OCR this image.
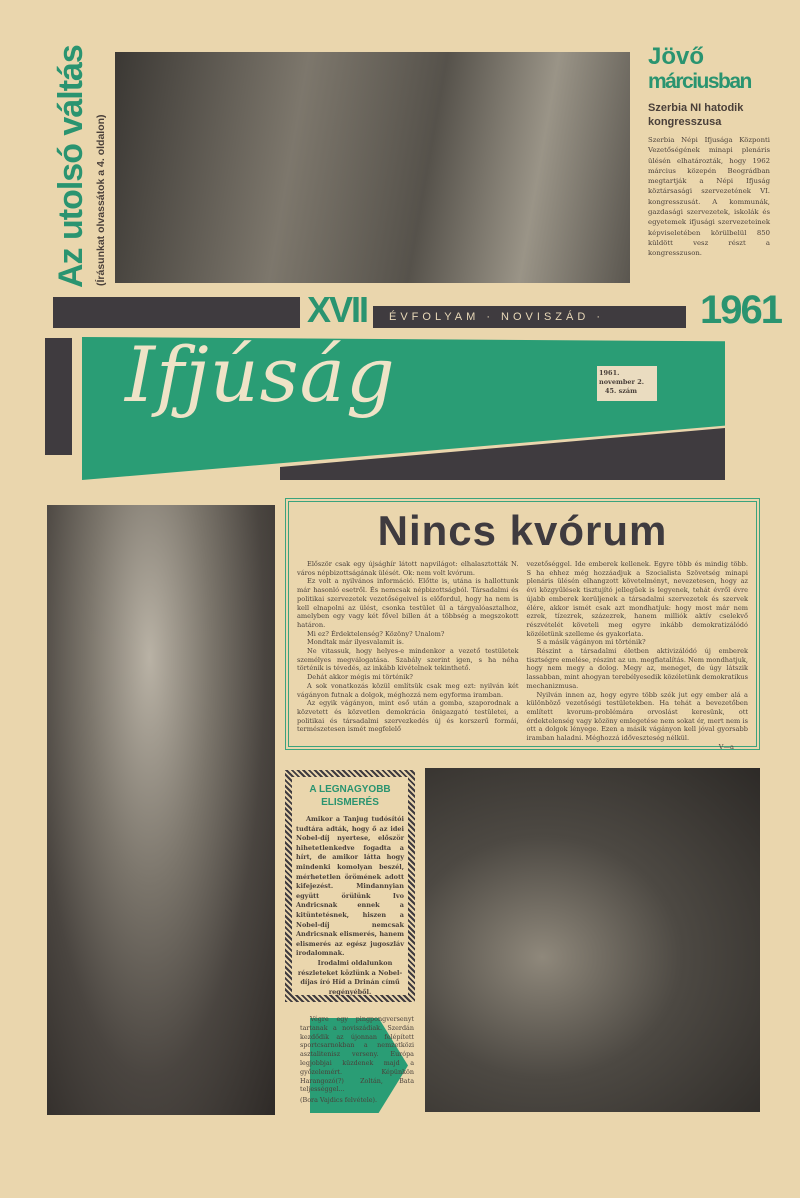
Az utolsó váltás (Írásunkat olvassátok a 4. oldalon)
Jövő
márciusban
Szerbia NI hatodik kongresszusa
Szerbia Népi Ifjusága Központi Vezetőségének minapi plenáris ülésén elhatározták, hogy 1962 március közepén Beográdban megtartják a Népi Ifjuság köztársasági szervezetének VI. kongresszusát. A kommunák, gazdasági szervezetek, iskolák és egyetemek ifjusági szervezeteinek képviseletében körülbelül 850 küldött vesz részt a kongresszuson.
XVII	ÉVFOLYAM · NOVISZÁD ·	1961
Ifjúság	1961. november 2.
45. szám
Nincs kvórum

Először csak egy újsághír látott napvilágot: elhalasztották N. város népbizottságának ülését. Ok: nem volt kvórum.

Ez volt a nyilvános információ. Előtte is, utána is hallottunk már hasonló esetről. És nemcsak népbizottságból. Társadalmi és politikai szervezetek vezetőségeivel is előfordul, hogy ha nem is kell elnapolni az ülést, csonka testület ül a tárgyalóasztalhoz, amelyben egy vagy két fővel billen át a többség a megszokott határon.

Mi ez? Érdektelenség? Közöny? Unalom?

Mondtak már ilyesvalamit is.

Ne vitassuk, hogy helyes-e mindenkor a vezető testületek személyes megválogatása. Szabály szerint igen, s ha néha történik is tévedés, az inkább kivételnek tekinthető.

Dehát akkor mégis mi történik?

A sok vonatkozás közül említsük csak meg ezt: nyilván két vágányon futnak a dolgok, méghozzá nem egyforma iramban.

Az egyik vágányon, mint eső után a gomba, szaporodnak a közvetett és közvetlen demokrácia önigazgató testületei, a politikai és társadalmi szervezkedés új és korszerű formái, természetesen ismét megfelelő

vezetőséggel. Ide emberek kellenek. Egyre több és mindig több. S ha ehhez még hozzáadjuk a Szocialista Szövetség minapi plenáris ülésén elhangzott követelményt, nevezetesen, hogy az évi közgyűlések tisztujító jellegűek is legyenek, tehát évről évre újabb emberek kerüljenek a társadalmi szervezetek és szervek élére, akkor ismét csak azt mondhatjuk: hogy most már nem ezrek, tízezrek, százezrek, hanem milliók aktív cselekvő részvételét követeli meg egyre inkább demokratizálódó közéletünk szelleme és gyakorlata.

S a másik vágányon mi történik?

Részint a társadalmi életben aktivizálódó új emberek tisztségre emelése, részint az un. megfiatalítás. Nem mondhatjuk, hogy nem megy a dolog. Megy az, meneget, de úgy látszik lassabban, mint ahogyan terebélyesedik közéletünk demokratikus mechanizmusa.

Nyilván innen az, hogy egyre több szék jut egy ember alá a különböző vezetőségi testületekben. Ha tehát a bevezetőben említett kvorum-problémára orvoslást keresünk, ott érdektelenség vagy közöny emlegetése nem sokat ér, mert nem is ott a dolgok lényege. Ezen a másik vágányon kell jóval gyorsabb iramban haladni. Méghozzá időveszteség nélkül.

V—a
A LEGNAGYOBB ELISMERÉS

Amikor a Tanjug tudósítói tudtára adták, hogy ő az idei Nobel-díj nyertese, először hihetetlenkedve fogadta a hírt, de amikor látta hogy mindenki komolyan beszél, mérhetetlen örömének adott kifejezést. Mindannyian együtt örülünk Ivo Andricsnak ennek a kitüntetésnek, hiszen a Nobel-díj nemcsak Andricsnak elismerés, hanem elismerés az egész jugoszláv irodalomnak.

Irodalmi oldalunkon részleteket közlünk a Nobel-díjas író Híd a Drinán című regényéből.

Végre egy pingpongversenyt tartanak a noviszádiak. Szerdán kezdődik az újonnan felépített sportcsarnokban a nemzetközi asztalitenisz verseny. Európa legjobbjai küzdenek majd a győzelemért. Képünkön Harangozó(?) Zoltán, Bata teljességgel...

(Bora Vajdics felvétele).
